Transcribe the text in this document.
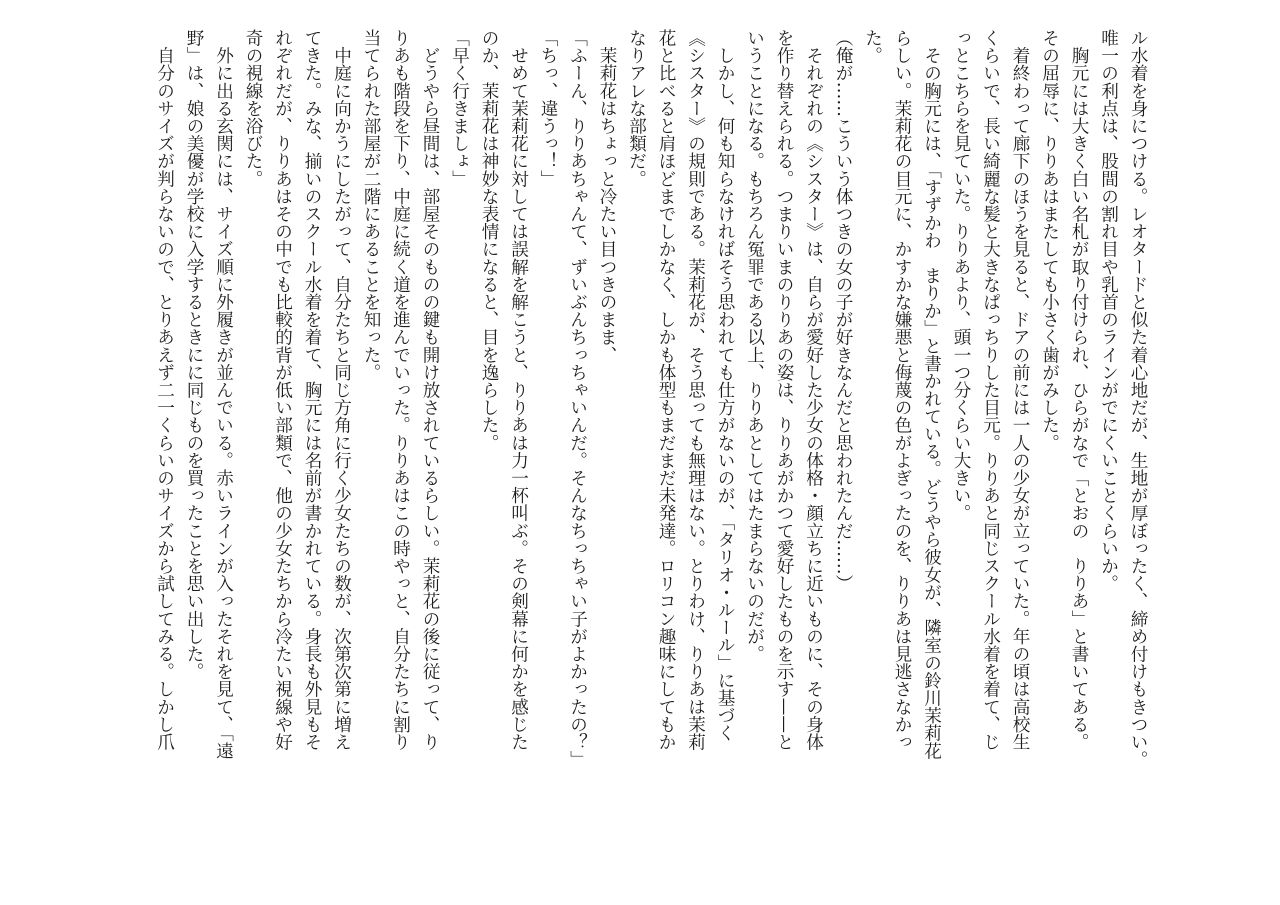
ル水着を身につける。レオタードと似た着心地だが、生地が厚ぼったく、締め付けもきつい。
唯一の利点は、股間の割れ目や乳首のラインがでにくいことくらいか。
　胸元には大きく白い名札が取り付けられ、ひらがなで「とおの　りりあ」と書いてある。
その屈辱に、りりあはまたしても小さく歯がみした。
　着終わって廊下のほうを見ると、ドアの前には一人の少女が立っていた。年の頃は高校生
くらいで、長い綺麗な髪と大きなぱっちりした目元。りりあと同じスクール水着を着て、じ
っとこちらを見ていた。りりあより、頭一つ分くらい大きい。
　その胸元には、「すずかわ　まりか」と書かれている。どうやら彼女が、隣室の鈴川茉莉花
らしい。茉莉花の目元に、かすかな嫌悪と侮蔑の色がよぎったのを、りりあは見逃さなかっ
た。
（俺が……こういう体つきの女の子が好きなんだと思われたんだ……）
　それぞれの《シスター》は、自らが愛好した少女の体格・顔立ちに近いものに、その身体
を作り替えられる。つまりいまのりりあの姿は、りりあがかつて愛好したものを示す——と
いうことになる。もちろん冤罪である以上、りりあとしてはたまらないのだが。
　しかし、何も知らなければそう思われても仕方がないのが、「タリオ・ルール」に基づく
《シスター》の規則である。茉莉花が、そう思っても無理はない。とりわけ、りりあは茉莉
花と比べると肩ほどまでしかなく、しかも体型もまだまだ未発達。ロリコン趣味にしてもか
なりアレな部類だ。
　茉莉花はちょっと冷たい目つきのまま、
「ふーん、りりあちゃんて、ずいぶんちっちゃいんだ。そんなちっちゃい子がよかったの？」
「ちっ、違うっ！」
　せめて茉莉花に対しては誤解を解こうと、りりあは力一杯叫ぶ。その剣幕に何かを感じた
のか、茉莉花は神妙な表情になると、目を逸らした。
「早く行きましょ」
　どうやら昼間は、部屋そのものの鍵も開け放されているらしい。茉莉花の後に従って、り
りあも階段を下り、中庭に続く道を進んでいった。りりあはこの時やっと、自分たちに割り
当てられた部屋が二階にあることを知った。
　中庭に向かうにしたがって、自分たちと同じ方角に行く少女たちの数が、次第次第に増え
てきた。みな、揃いのスクール水着を着て、胸元には名前が書かれている。身長も外見もそ
れぞれだが、りりあはその中でも比較的背が低い部類で、他の少女たちから冷たい視線や好
奇の視線を浴びた。
　外に出る玄関には、サイズ順に外履きが並んでいる。赤いラインが入ったそれを見て、「遠
野」は、娘の美優が学校に入学するときにに同じものを買ったことを思い出した。
　自分のサイズが判らないので、とりあえず二一くらいのサイズから試してみる。しかし爪
